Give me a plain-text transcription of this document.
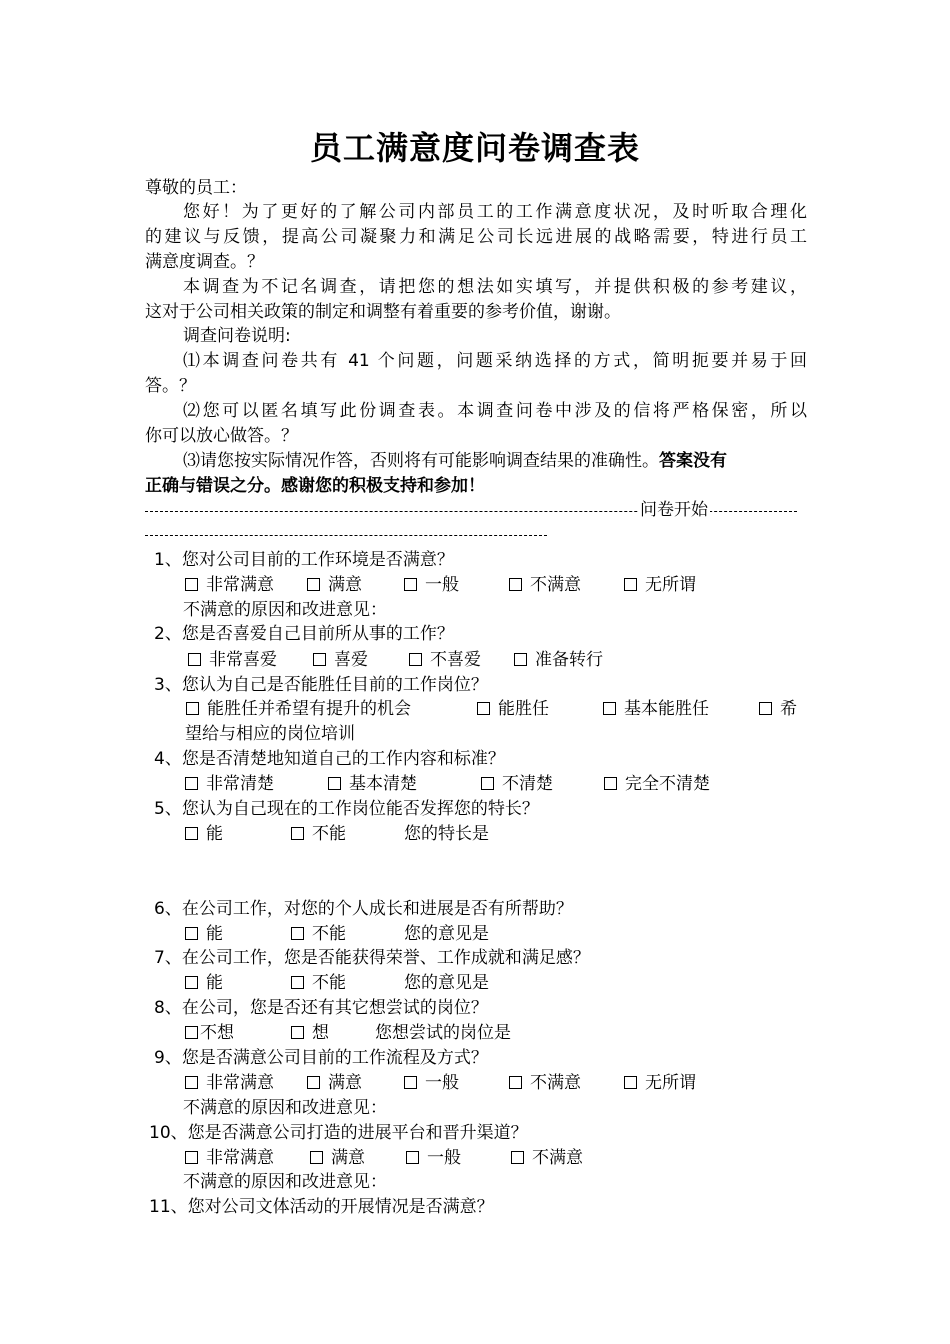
员工满意度问卷调查表
尊敬的员工：
您好！为了更好的了解公司内部员工的工作满意度状况，及时听取合理化
的建议与反馈，提高公司凝聚力和满足公司长远进展的战略需要，特进行员工
满意度调查。？
本调查为不记名调查，请把您的想法如实填写，并提供积极的参考建议，
这对于公司相关政策的制定和调整有着重要的参考价值，谢谢。
调查问卷说明:
⑴本调查问卷共有 41 个问题，问题采纳选择的方式，简明扼要并易于回
答。？
⑵您可以匿名填写此份调查表。本调查问卷中涉及的信将严格保密，所以
你可以放心做答。？
⑶请您按实际情况作答，否则将有可能影响调查结果的准确性。答案没有
正确与错误之分。感谢您的积极支持和参加！
问卷开始
1、您对公司目前的工作环境是否满意？
非常满意	满意	一般	不满意	无所谓
不满意的原因和改进意见：
2、您是否喜爱自己目前所从事的工作？
非常喜爱	喜爱	不喜爱	准备转行
3、您认为自己是否能胜任目前的工作岗位？
能胜任并希望有提升的机会	能胜任	基本能胜任	希
望给与相应的岗位培训
4、您是否清楚地知道自己的工作内容和标准？
非常清楚	基本清楚	不清楚	完全不清楚
5、您认为自己现在的工作岗位能否发挥您的特长？
能	不能	您的特长是
6、在公司工作，对您的个人成长和进展是否有所帮助？
能	不能	您的意见是
7、在公司工作，您是否能获得荣誉、工作成就和满足感？
能	不能	您的意见是
8、在公司，您是否还有其它想尝试的岗位？
不想	想	您想尝试的岗位是
9、您是否满意公司目前的工作流程及方式？
非常满意	满意	一般	不满意	无所谓
不满意的原因和改进意见：
10、您是否满意公司打造的进展平台和晋升渠道？
非常满意	满意	一般	不满意
不满意的原因和改进意见：
11、您对公司文体活动的开展情况是否满意？
